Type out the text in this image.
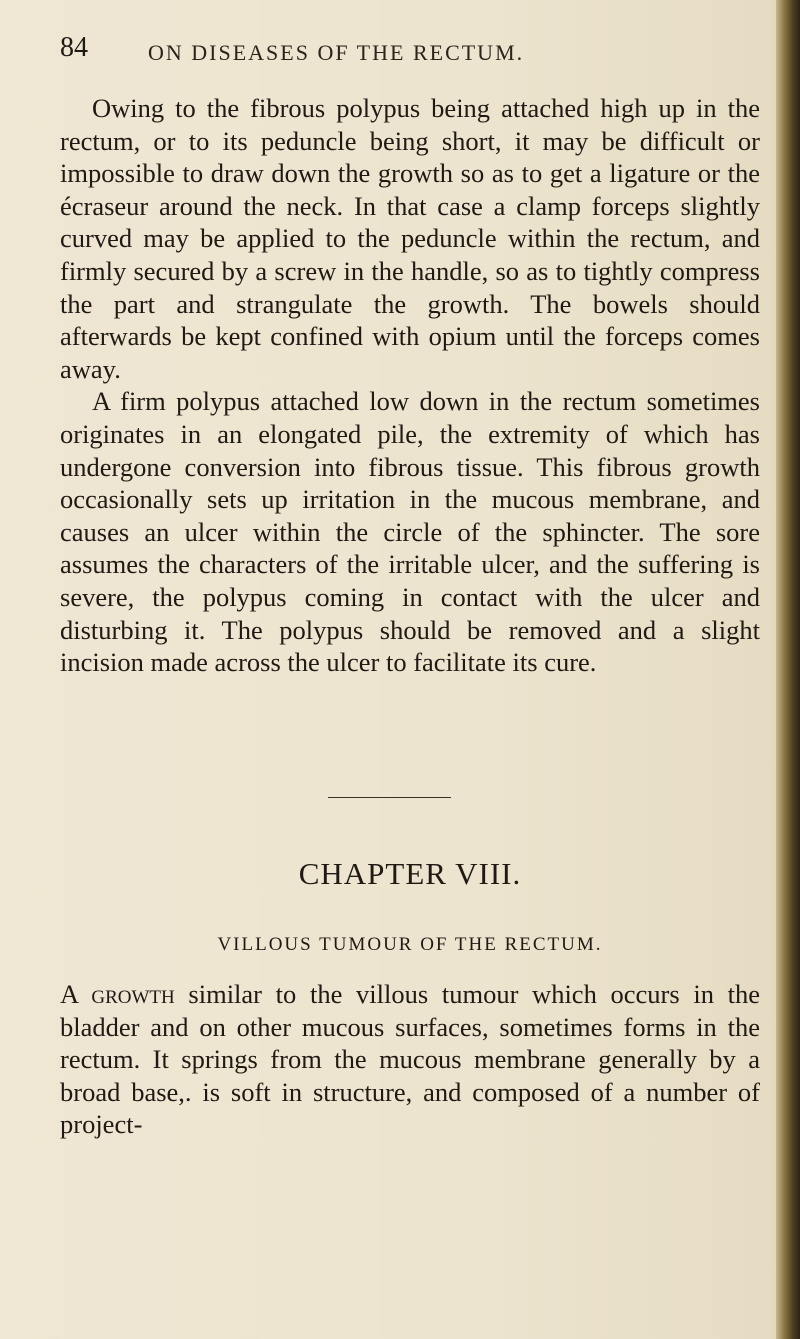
84	ON DISEASES OF THE RECTUM.

Owing to the fibrous polypus being attached high up in the rectum, or to its peduncle being short, it may be difficult or impossible to draw down the growth so as to get a ligature or the écraseur around the neck. In that case a clamp forceps slightly curved may be applied to the peduncle within the rectum, and firmly secured by a screw in the handle, so as to tightly compress the part and strangulate the growth. The bowels should afterwards be kept confined with opium until the forceps comes away.

A firm polypus attached low down in the rectum sometimes originates in an elongated pile, the extremity of which has undergone conversion into fibrous tissue. This fibrous growth occasionally sets up irritation in the mucous membrane, and causes an ulcer within the circle of the sphincter. The sore assumes the characters of the irritable ulcer, and the suffering is severe, the polypus coming in contact with the ulcer and disturbing it. The polypus should be removed and a slight incision made across the ulcer to facilitate its cure.

CHAPTER VIII.
VILLOUS TUMOUR OF THE RECTUM.

A growth similar to the villous tumour which occurs in the bladder and on other mucous surfaces, sometimes forms in the rectum. It springs from the mucous membrane generally by a broad base,. is soft in structure, and composed of a number of project-
